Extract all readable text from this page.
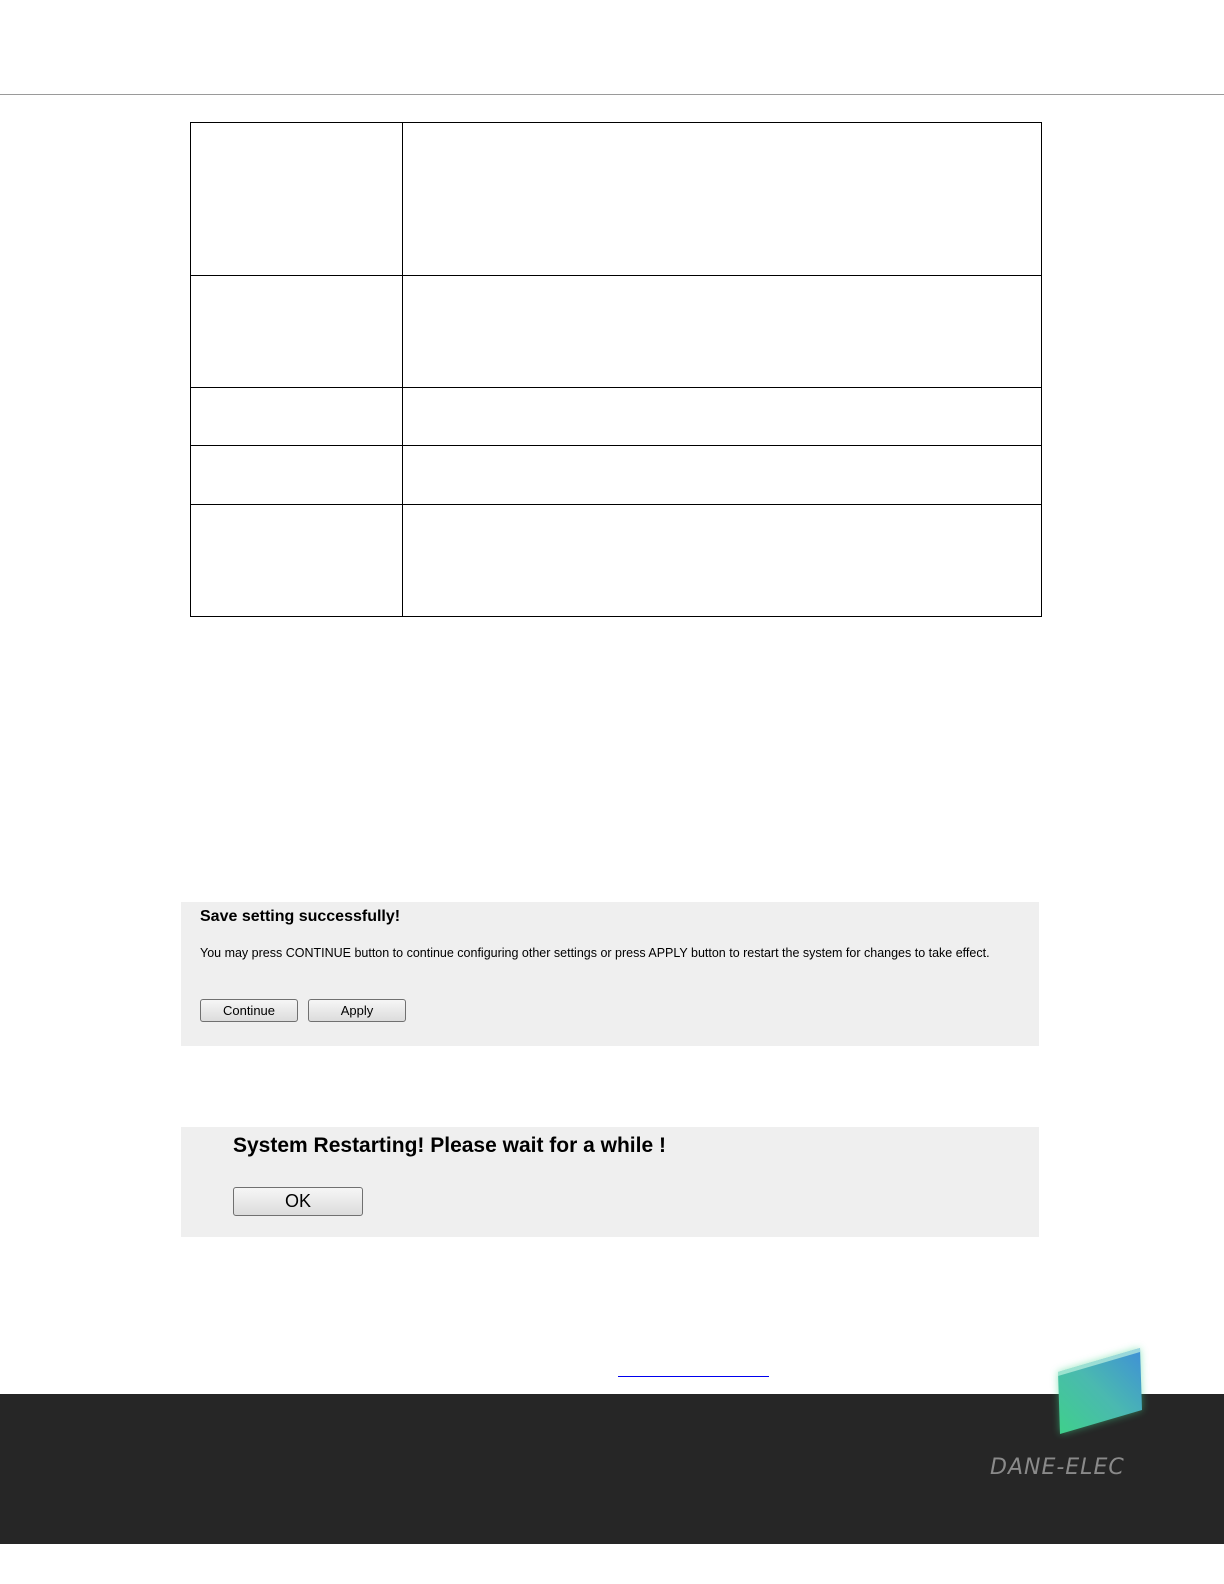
Save setting successfully!

You may press CONTINUE button to continue configuring other settings or press APPLY button to restart the system for changes to take effect.

Continue	Apply

System Restarting! Please wait for a while !

OK

DANE-ELEC
